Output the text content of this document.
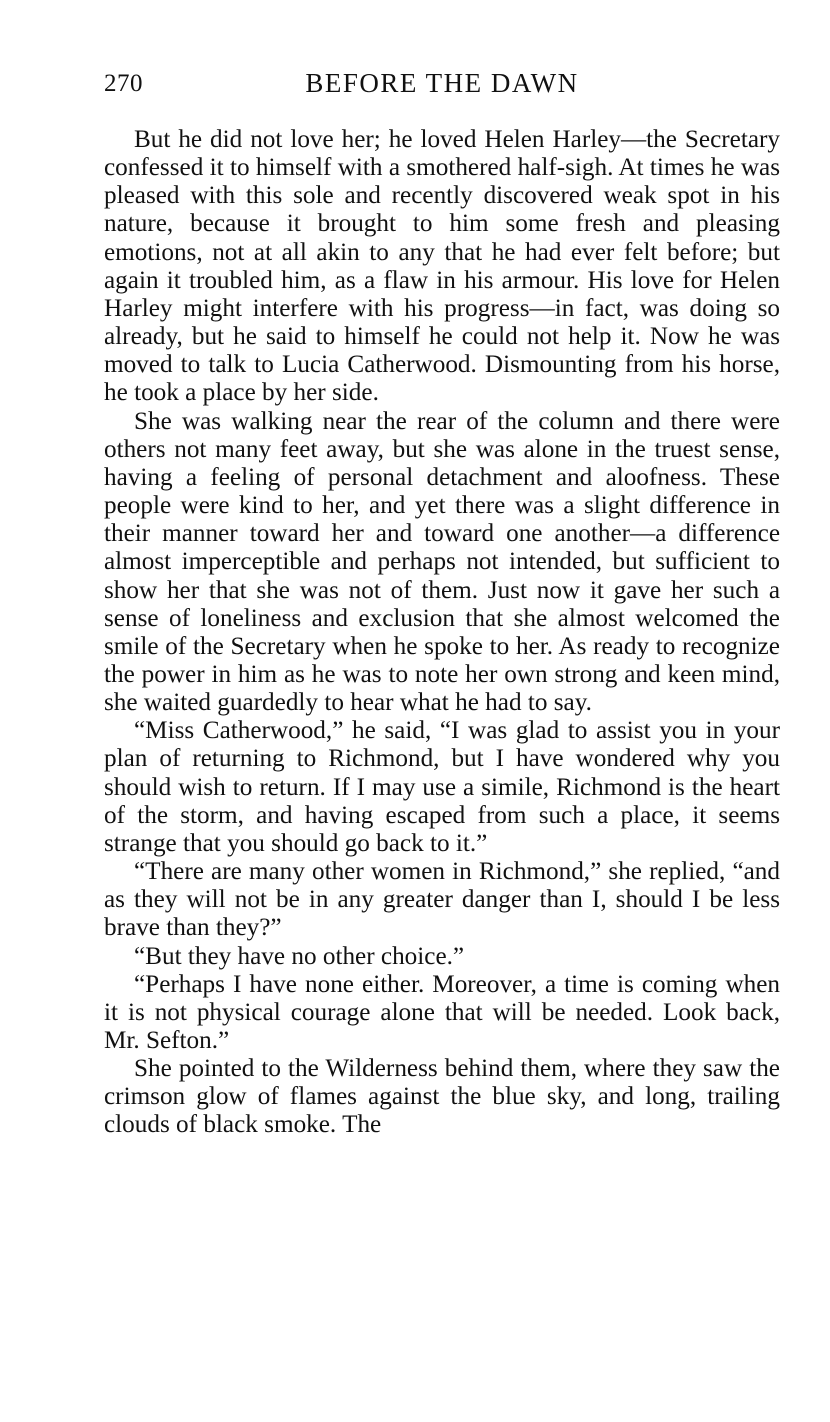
270	BEFORE THE DAWN

But he did not love her; he loved Helen Harley—the Secretary confessed it to himself with a smothered half-sigh. At times he was pleased with this sole and recently discovered weak spot in his nature, because it brought to him some fresh and pleasing emotions, not at all akin to any that he had ever felt before; but again it troubled him, as a flaw in his armour. His love for Helen Harley might interfere with his progress—in fact, was doing so already, but he said to himself he could not help it. Now he was moved to talk to Lucia Catherwood. Dismounting from his horse, he took a place by her side.

She was walking near the rear of the column and there were others not many feet away, but she was alone in the truest sense, having a feeling of personal detachment and aloofness. These people were kind to her, and yet there was a slight difference in their manner toward her and toward one another—a difference almost imperceptible and perhaps not intended, but sufficient to show her that she was not of them. Just now it gave her such a sense of loneliness and exclusion that she almost welcomed the smile of the Secretary when he spoke to her. As ready to recognize the power in him as he was to note her own strong and keen mind, she waited guardedly to hear what he had to say.

“Miss Catherwood,” he said, “I was glad to assist you in your plan of returning to Richmond, but I have wondered why you should wish to return. If I may use a simile, Richmond is the heart of the storm, and having escaped from such a place, it seems strange that you should go back to it.”

“There are many other women in Richmond,” she replied, “and as they will not be in any greater danger than I, should I be less brave than they?”

“But they have no other choice.”

“Perhaps I have none either. Moreover, a time is coming when it is not physical courage alone that will be needed. Look back, Mr. Sefton.”

She pointed to the Wilderness behind them, where they saw the crimson glow of flames against the blue sky, and long, trailing clouds of black smoke. The
